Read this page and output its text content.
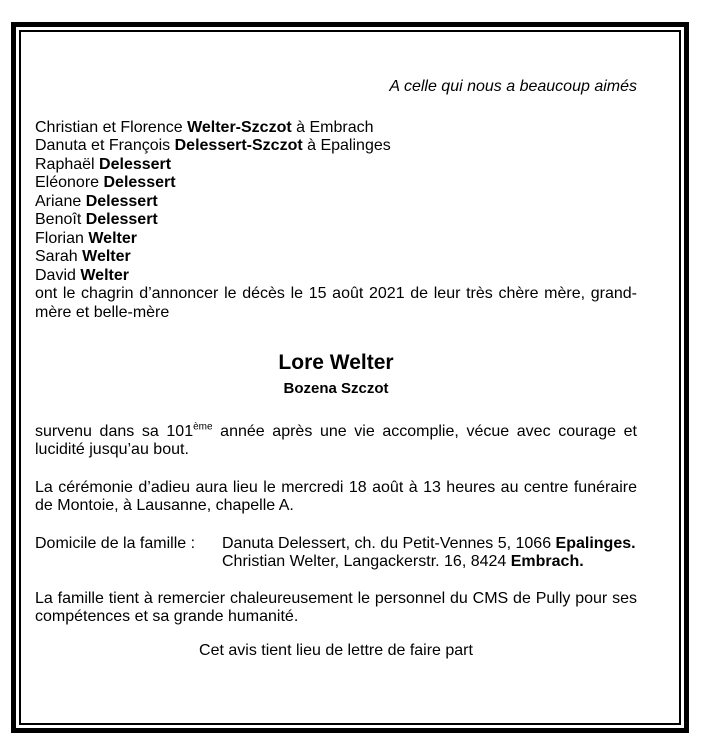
A celle qui nous a beaucoup aimés

Christian et Florence Welter-Szczot à Embrach

Danuta et François Delessert-Szczot à Epalinges

Raphaël Delessert

Eléonore Delessert

Ariane Delessert

Benoît Delessert

Florian Welter

Sarah Welter

David Welter

ont le chagrin d’annoncer le décès le 15 août 2021 de leur très chère mère, grand-mère et belle-mère

Lore Welter
Bozena Szczot

survenu dans sa 101ème année après une vie accomplie, vécue avec courage et lucidité jusqu’au bout.

La cérémonie d’adieu aura lieu le mercredi 18 août à 13 heures au centre funéraire de Montoie, à Lausanne, chapelle A.

Domicile de la famille :	Danuta Delessert, ch. du Petit-Vennes 5, 1066 Epalinges.

Christian Welter, Langackerstr. 16, 8424 Embrach.

La famille tient à remercier chaleureusement le personnel du CMS de Pully pour ses compétences et sa grande humanité.

Cet avis tient lieu de lettre de faire part
